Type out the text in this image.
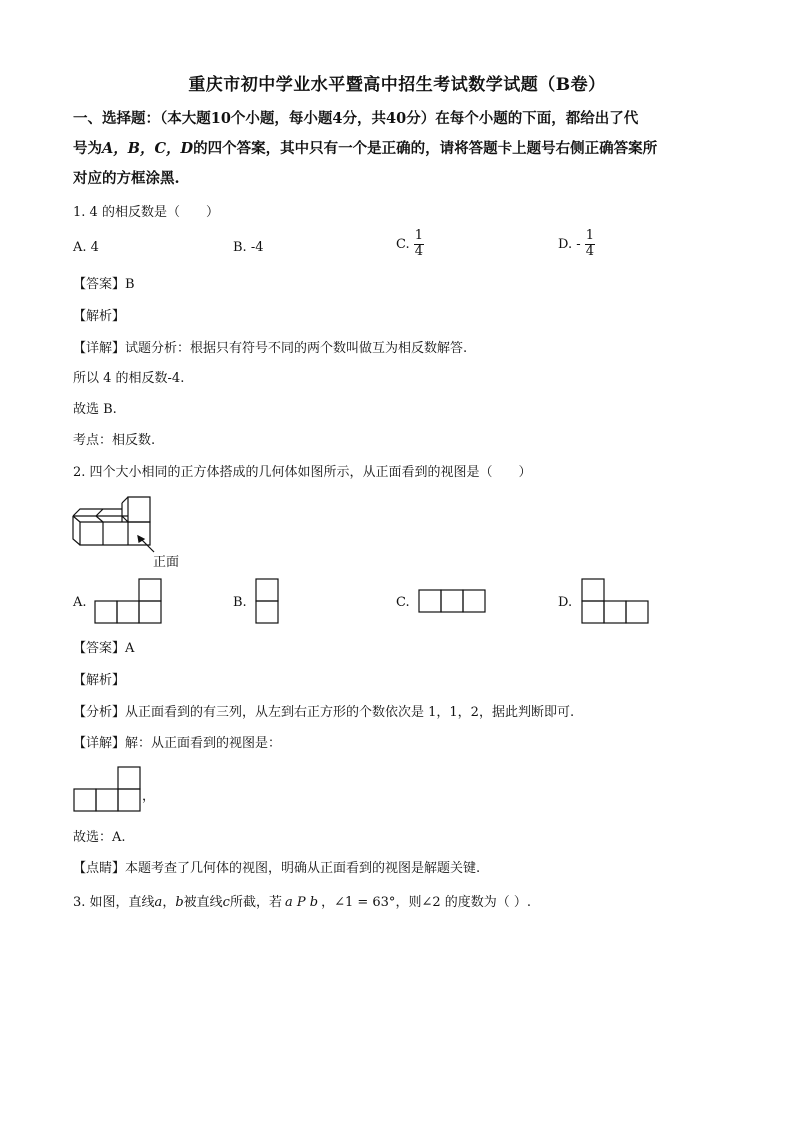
重庆市初中学业水平暨高中招生考试数学试题（B卷）
一、选择题：（本大题10个小题，每小题4分，共40分）在每个小题的下面，都给出了代
号为A，B，C，D的四个答案，其中只有一个是正确的，请将答题卡上题号右侧正确答案所
对应的方框涂黑.
1. 4 的相反数是（　　）
A. 4	B. -4	C. $\frac{1}{4}$	D. - $\frac{1}{4}$
【答案】B
【解析】
【详解】试题分析：根据只有符号不同的两个数叫做互为相反数解答.
所以 4 的相反数-4.
故选 B.
考点：相反数.
2. 四个大小相同的正方体搭成的几何体如图所示，从正面看到的视图是（　　）
正面
A.	B.	C.	D.
【答案】A
【解析】
【分析】从正面看到的有三列，从左到右正方形的个数依次是 1，1，2，据此判断即可.
【详解】解：从正面看到的视图是：
，
故选：A.
【点睛】本题考查了几何体的视图，明确从正面看到的视图是解题关键.
3. 如图，直线a，b被直线c所截，若 a P b ，∠1 = 63°，则∠2 的度数为（ ）.
